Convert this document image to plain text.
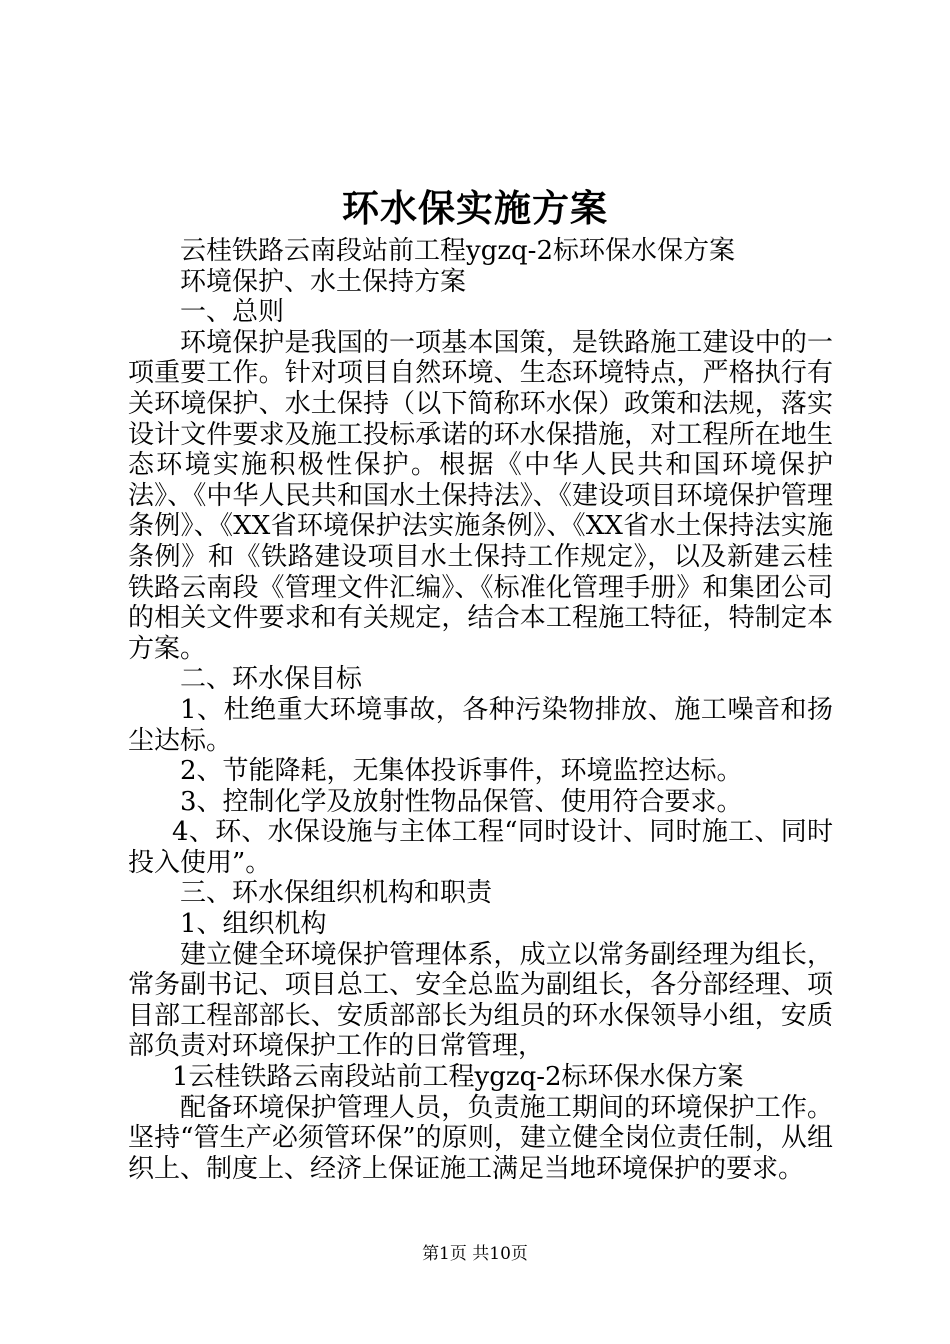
环水保实施方案

云桂铁路云南段站前工程ygzq-2标环保水保方案

环境保护、水土保持方案

一、总则

环境保护是我国的一项基本国策，是铁路施工建设中的一项重要工作。针对项目自然环境、生态环境特点，严格执行有关环境保护、水土保持（以下简称环水保）政策和法规，落实设计文件要求及施工投标承诺的环水保措施，对工程所在地生态环境实施积极性保护。根据《中华人民共和国环境保护法》、《中华人民共和国水土保持法》、《建设项目环境保护管理条例》、《XX省环境保护法实施条例》、《XX省水土保持法实施条例》和《铁路建设项目水土保持工作规定》，以及新建云桂铁路云南段《管理文件汇编》、《标准化管理手册》和集团公司的相关文件要求和有关规定，结合本工程施工特征，特制定本方案。

二、环水保目标

1、杜绝重大环境事故，各种污染物排放、施工噪音和扬尘达标。

2、节能降耗，无集体投诉事件，环境监控达标。

3、控制化学及放射性物品保管、使用符合要求。

4、环、水保设施与主体工程“同时设计、同时施工、同时投入使用”。

三、环水保组织机构和职责

1、组织机构

建立健全环境保护管理体系，成立以常务副经理为组长，常务副书记、项目总工、安全总监为副组长，各分部经理、项目部工程部部长、安质部部长为组员的环水保领导小组，安质部负责对环境保护工作的日常管理，

1云桂铁路云南段站前工程ygzq-2标环保水保方案

配备环境保护管理人员，负责施工期间的环境保护工作。坚持“管生产必须管环保”的原则，建立健全岗位责任制，从组织上、制度上、经济上保证施工满足当地环境保护的要求。

第1页 共10页
